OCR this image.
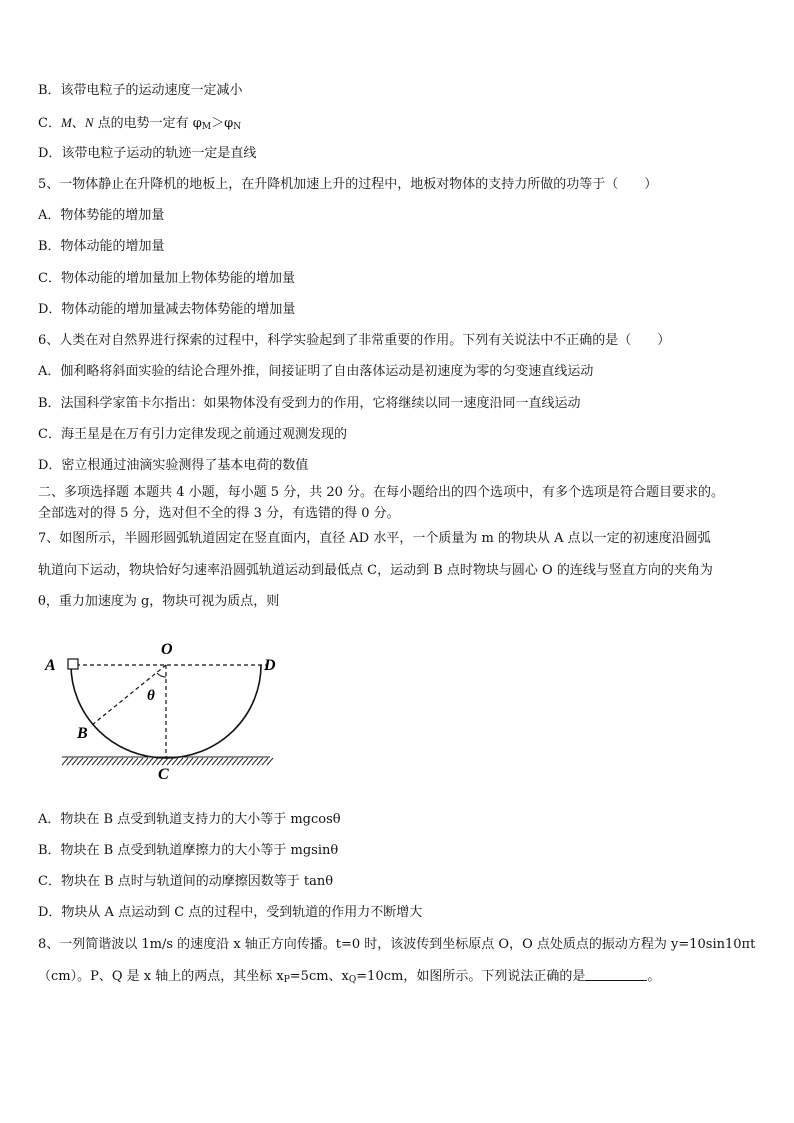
B．该带电粒子的运动速度一定减小
C．M、N 点的电势一定有 $\varphi_M>\varphi_N$
D．该带电粒子运动的轨迹一定是直线
5、一物体静止在升降机的地板上，在升降机加速上升的过程中，地板对物体的支持力所做的功等于（　　）
A．物体势能的增加量
B．物体动能的增加量
C．物体动能的增加量加上物体势能的增加量
D．物体动能的增加量减去物体势能的增加量
6、人类在对自然界进行探索的过程中，科学实验起到了非常重要的作用。下列有关说法中不正确的是（　　）
A．伽利略将斜面实验的结论合理外推，间接证明了自由落体运动是初速度为零的匀变速直线运动
B．法国科学家笛卡尔指出：如果物体没有受到力的作用，它将继续以同一速度沿同一直线运动
C．海王星是在万有引力定律发现之前通过观测发现的
D．密立根通过油滴实验测得了基本电荷的数值
二、多项选择题 本题共 4 小题，每小题 5 分，共 20 分。在每小题给出的四个选项中，有多个选项是符合题目要求的。
全部选对的得 5 分，选对但不全的得 3 分，有选错的得 0 分。
7、如图所示，半圆形圆弧轨道固定在竖直面内，直径 AD 水平，一个质量为 m 的物块从 A 点以一定的初速度沿圆弧
轨道向下运动，物块恰好匀速率沿圆弧轨道运动到最低点 C，运动到 B 点时物块与圆心 O 的连线与竖直方向的夹角为
θ，重力加速度为 g，物块可视为质点，则
A
O
D
θ
B
C
A．物块在 B 点受到轨道支持力的大小等于 mgcosθ
B．物块在 B 点受到轨道摩擦力的大小等于 mgsinθ
C．物块在 B 点时与轨道间的动摩擦因数等于 tanθ
D．物块从 A 点运动到 C 点的过程中，受到轨道的作用力不断增大
8、一列简谐波以 1m/s 的速度沿 x 轴正方向传播。t=0 时，该波传到坐标原点 O，O 点处质点的振动方程为 y=10sin10πt
（cm）。P、Q 是 x 轴上的两点，其坐标 $x_P=5cm$、$x_Q=10cm$，如图所示。下列说法正确的是	。
